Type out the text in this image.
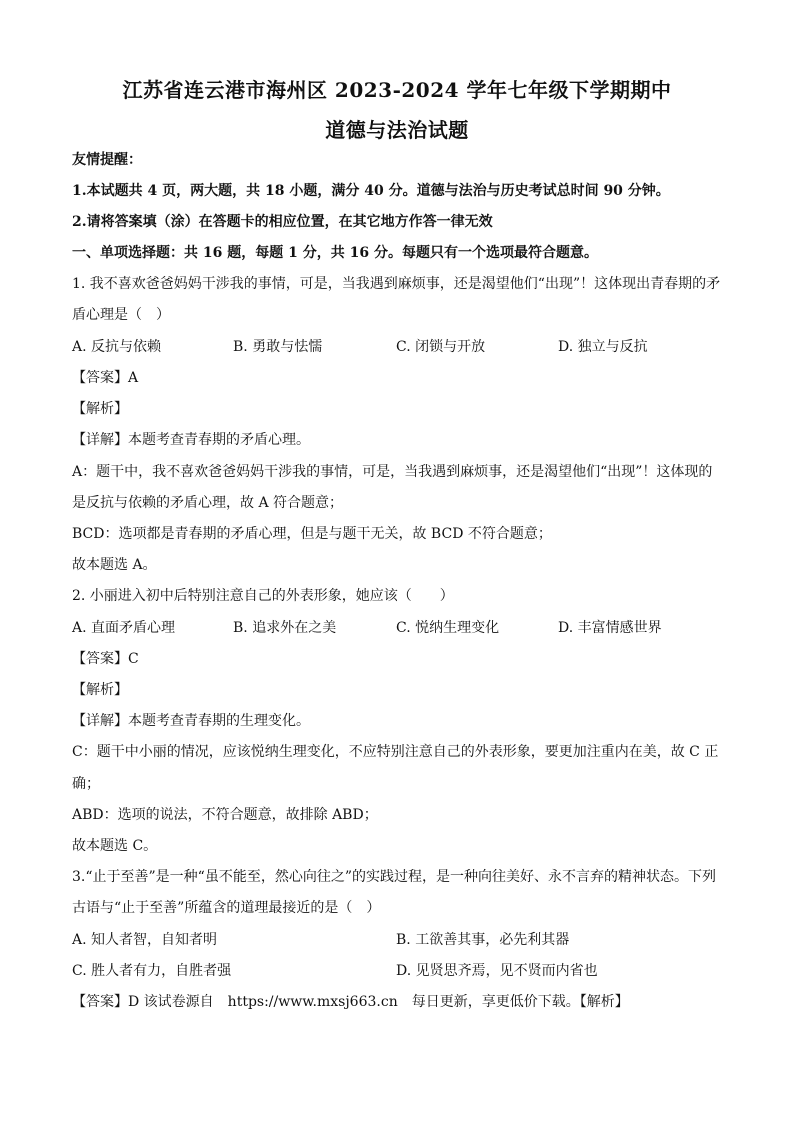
江苏省连云港市海州区 2023-2024 学年七年级下学期期中
道德与法治试题
友情提醒：
1.本试题共 4 页，两大题，共 18 小题，满分 40 分。道德与法治与历史考试总时间 90 分钟。
2.请将答案填（涂）在答题卡的相应位置，在其它地方作答一律无效
一、单项选择题：共 16 题，每题 1 分，共 16 分。每题只有一个选项最符合题意。
1. 我不喜欢爸爸妈妈干涉我的事情，可是，当我遇到麻烦事，还是渴望他们“出现”！这体现出青春期的矛
盾心理是（　）
A. 反抗与依赖	B. 勇敢与怯懦	C. 闭锁与开放	D. 独立与反抗
【答案】A
【解析】
【详解】本题考查青春期的矛盾心理。
A：题干中，我不喜欢爸爸妈妈干涉我的事情，可是，当我遇到麻烦事，还是渴望他们“出现”！这体现的
是反抗与依赖的矛盾心理，故 A 符合题意；
BCD：选项都是青春期的矛盾心理，但是与题干无关，故 BCD 不符合题意；
故本题选 A。
2. 小丽进入初中后特别注意自己的外表形象，她应该（　　）
A. 直面矛盾心理	B. 追求外在之美	C. 悦纳生理变化	D. 丰富情感世界
【答案】C
【解析】
【详解】本题考查青春期的生理变化。
C：题干中小丽的情况，应该悦纳生理变化，不应特别注意自己的外表形象，要更加注重内在美，故 C 正
确；
ABD：选项的说法，不符合题意，故排除 ABD；
故本题选 C。
3.“止于至善”是一种“虽不能至，然心向往之”的实践过程，是一种向往美好、永不言弃的精神状态。下列
古语与“止于至善”所蕴含的道理最接近的是（　）
A. 知人者智，自知者明	B. 工欲善其事，必先利其器
C. 胜人者有力，自胜者强	D. 见贤思齐焉，见不贤而内省也
【答案】D 该试卷源自　https://www.mxsj663.cn　每日更新，享更低价下载。【解析】
